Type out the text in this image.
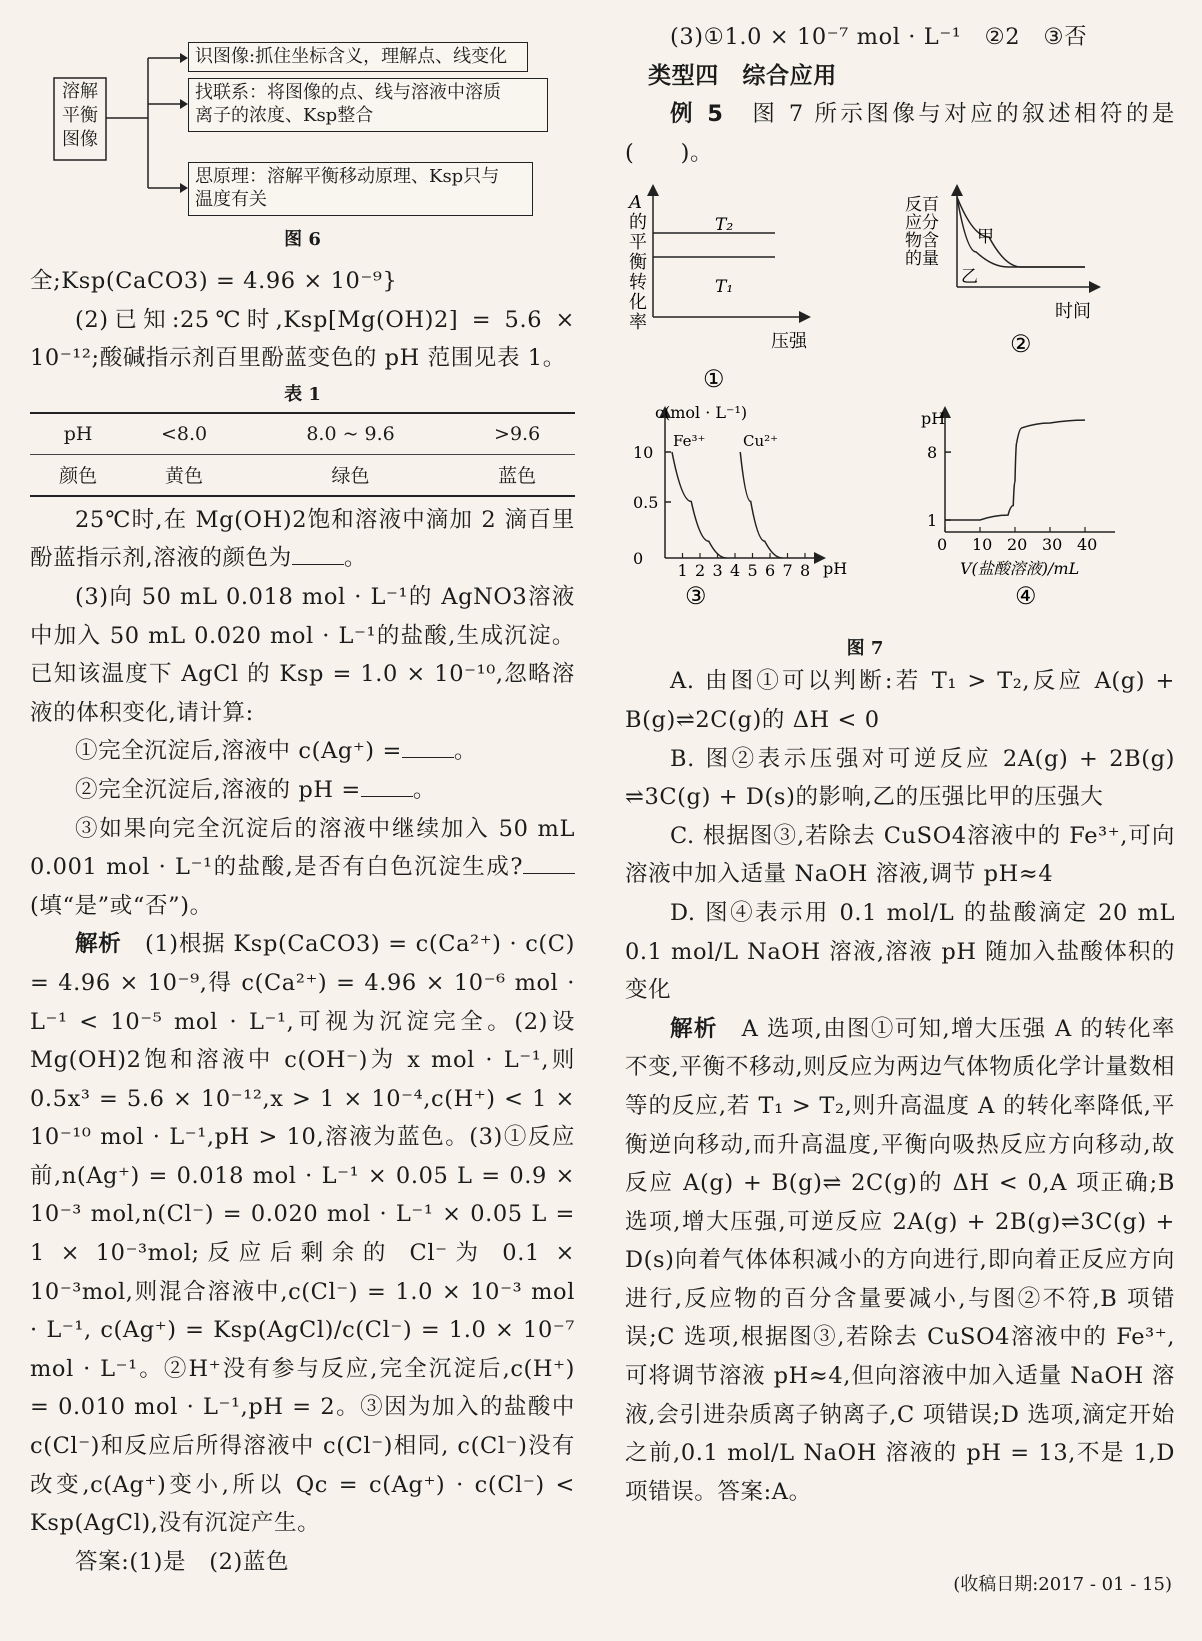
溶解
平衡
图像
识图像:抓住坐标含义，理解点、线变化
找联系：将图像的点、线与溶液中溶质
离子的浓度、Ksp整合
思原理：溶解平衡移动原理、Ksp只与
温度有关

图 6

全;Ksp(CaCO3) = 4.96 × 10⁻⁹}

(2)已知:25℃时,Ksp[Mg(OH)2] = 5.6 × 10⁻¹²;酸碱指示剂百里酚蓝变色的 pH 范围见表 1。

表 1

pH	<8.0	8.0 ~ 9.6	>9.6
颜色	黄色	绿色	蓝色

25℃时,在 Mg(OH)2饱和溶液中滴加 2 滴百里酚蓝指示剂,溶液的颜色为 。

(3)向 50 mL 0.018 mol · L⁻¹的 AgNO3溶液中加入 50 mL 0.020 mol · L⁻¹的盐酸,生成沉淀。已知该温度下 AgCl 的 Ksp = 1.0 × 10⁻¹⁰,忽略溶液的体积变化,请计算:

①完全沉淀后,溶液中 c(Ag⁺) = 。

②完全沉淀后,溶液的 pH = 。

③如果向完全沉淀后的溶液中继续加入 50 mL 0.001 mol · L⁻¹的盐酸,是否有白色沉淀生成?(填“是”或“否”)。

解析　 (1)根据 Ksp(CaCO3) = c(Ca²⁺) · c(C) = 4.96 × 10⁻⁹,得 c(Ca²⁺) = 4.96 × 10⁻⁶ mol · L⁻¹ < 10⁻⁵ mol · L⁻¹,可视为沉淀完全。(2)设 Mg(OH)2饱和溶液中 c(OH⁻)为 x mol · L⁻¹,则 0.5x³ = 5.6 × 10⁻¹²,x > 1 × 10⁻⁴,c(H⁺) < 1 × 10⁻¹⁰ mol · L⁻¹,pH > 10,溶液为蓝色。(3)①反应前,n(Ag⁺) = 0.018 mol · L⁻¹ × 0.05 L = 0.9 × 10⁻³ mol,n(Cl⁻) = 0.020 mol · L⁻¹ × 0.05 L = 1 × 10⁻³mol;反应后剩余的 Cl⁻为 0.1 × 10⁻³mol,则混合溶液中,c(Cl⁻) = 1.0 × 10⁻³ mol · L⁻¹, c(Ag⁺) = Ksp(AgCl)/c(Cl⁻) = 1.0 × 10⁻⁷ mol · L⁻¹。②H⁺没有参与反应,完全沉淀后,c(H⁺) = 0.010 mol · L⁻¹,pH = 2。③因为加入的盐酸中 c(Cl⁻)和反应后所得溶液中 c(Cl⁻)相同, c(Cl⁻)没有改变,c(Ag⁺)变小,所以 Qc = c(Ag⁺) · c(Cl⁻) < Ksp(AgCl),没有沉淀产生。

答案:(1)是　(2)蓝色

(3)①1.0 × 10⁻⁷ mol · L⁻¹　②2　③否

类型四　综合应用

例 5　 图 7 所示图像与对应的叙述相符的是(　　)。

T₂
T₁
压强
①
A
的
平
衡
转
化
率
甲
乙
时间
②
反百
应分
物含
的量
10
0.5
0
1 2 3 4 5 6 7 8
Fe³⁺	Cu²⁺
c(mol · L⁻¹)
pH
③
8
1
0 10 20 30 40
pH
V(盐酸溶液)/mL
④

图 7

A. 由图①可以判断:若 T₁ > T₂,反应 A(g) + B(g)⇌2C(g)的 ΔH < 0

B. 图②表示压强对可逆反应 2A(g) + 2B(g) ⇌3C(g) + D(s)的影响,乙的压强比甲的压强大

C. 根据图③,若除去 CuSO4溶液中的 Fe³⁺,可向溶液中加入适量 NaOH 溶液,调节 pH≈4

D. 图④表示用 0.1 mol/L 的盐酸滴定 20 mL 0.1 mol/L NaOH 溶液,溶液 pH 随加入盐酸体积的变化

解析　 A 选项,由图①可知,增大压强 A 的转化率不变,平衡不移动,则反应为两边气体物质化学计量数相等的反应,若 T₁ > T₂,则升高温度 A 的转化率降低,平衡逆向移动,而升高温度,平衡向吸热反应方向移动,故反应 A(g) + B(g)⇌ 2C(g)的 ΔH < 0,A 项正确;B 选项,增大压强,可逆反应 2A(g) + 2B(g)⇌3C(g) + D(s)向着气体体积减小的方向进行,即向着正反应方向进行,反应物的百分含量要减小,与图②不符,B 项错误;C 选项,根据图③,若除去 CuSO4溶液中的 Fe³⁺,可将调节溶液 pH≈4,但向溶液中加入适量 NaOH 溶液,会引进杂质离子钠离子,C 项错误;D 选项,滴定开始之前,0.1 mol/L NaOH 溶液的 pH = 13,不是 1,D 项错误。答案:A。

(收稿日期:2017 - 01 - 15)
